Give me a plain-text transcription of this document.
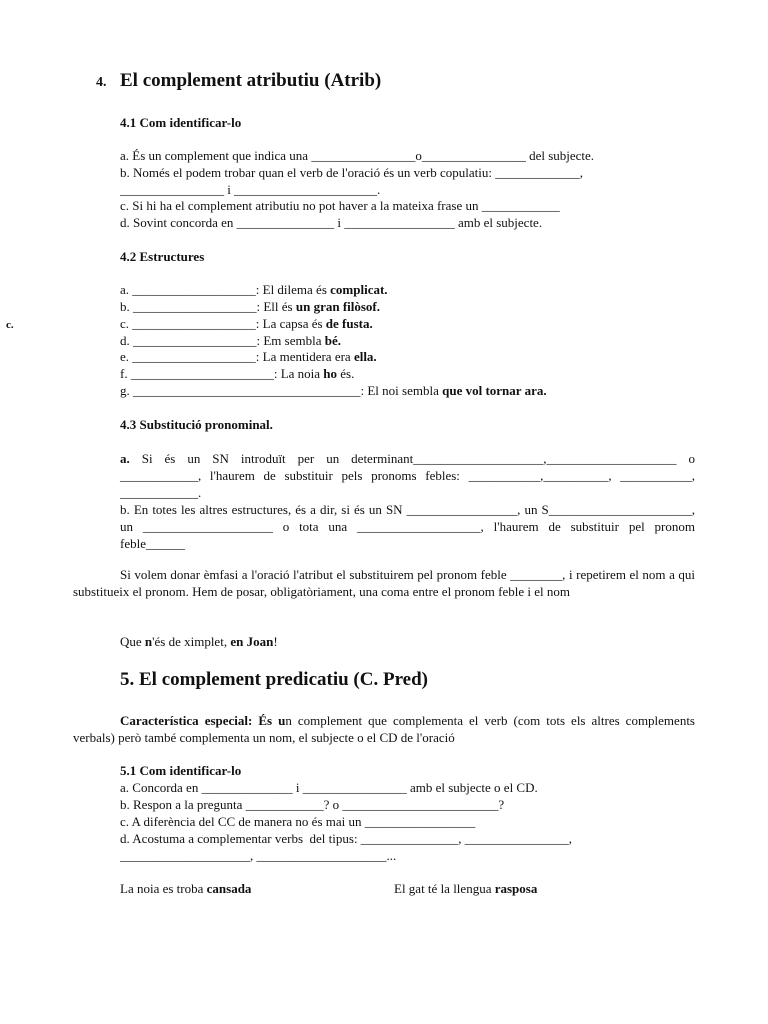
4. El complement atributiu (Atrib)
4.1 Com identificar-lo
a. És un complement que indica una ________________o________________ del subjecte.
b. Només el podem trobar quan el verb de l'oració és un verb copulatiu: _____________,
________________ i ______________________.
c. Si hi ha el complement atributiu no pot haver a la mateixa frase un ____________
d. Sovint concorda en _______________ i _________________ amb el subjecte.
4.2 Estructures
c.
a. ___________________: El dilema és complicat.
b. ___________________: Ell és un gran filòsof.
c. ___________________: La capsa és de fusta.
d. ___________________: Em sembla bé.
e. ___________________: La mentidera era ella.
f. ______________________: La noia ho és.
g. ___________________________________: El noi sembla que vol tornar ara.
4.3 Substitució pronominal.
a. Si és un SN introduït per un determinant____________________,____________________ o ____________, l'haurem de substituir pels pronoms febles: ___________,__________, ___________, ____________.
b. En totes les altres estructures, és a dir, si és un SN _________________, un S______________________, un ____________________ o tota una ___________________, l'haurem de substituir pel pronom feble______
Si volem donar èmfasi a l'oració l'atribut el substituirem pel pronom feble ________, i repetirem el nom a qui substitueix el pronom. Hem de posar, obligatòriament, una coma entre el pronom feble i el nom
Que n'és de ximplet, en Joan!
5. El complement predicatiu (C. Pred)
Característica especial: És un complement que complementa el verb (com tots els altres complements verbals) però també complementa un nom, el subjecte o el CD de l'oració
5.1 Com identificar-lo
a. Concorda en ______________ i ________________ amb el subjecte o el CD.
b. Respon a la pregunta ____________? o ________________________?
c. A diferència del CC de manera no és mai un _________________
d. Acostuma a complementar verbs  del tipus: _______________, ________________,
____________________, ____________________...
La noia es troba cansada	El gat té la llengua rasposa
